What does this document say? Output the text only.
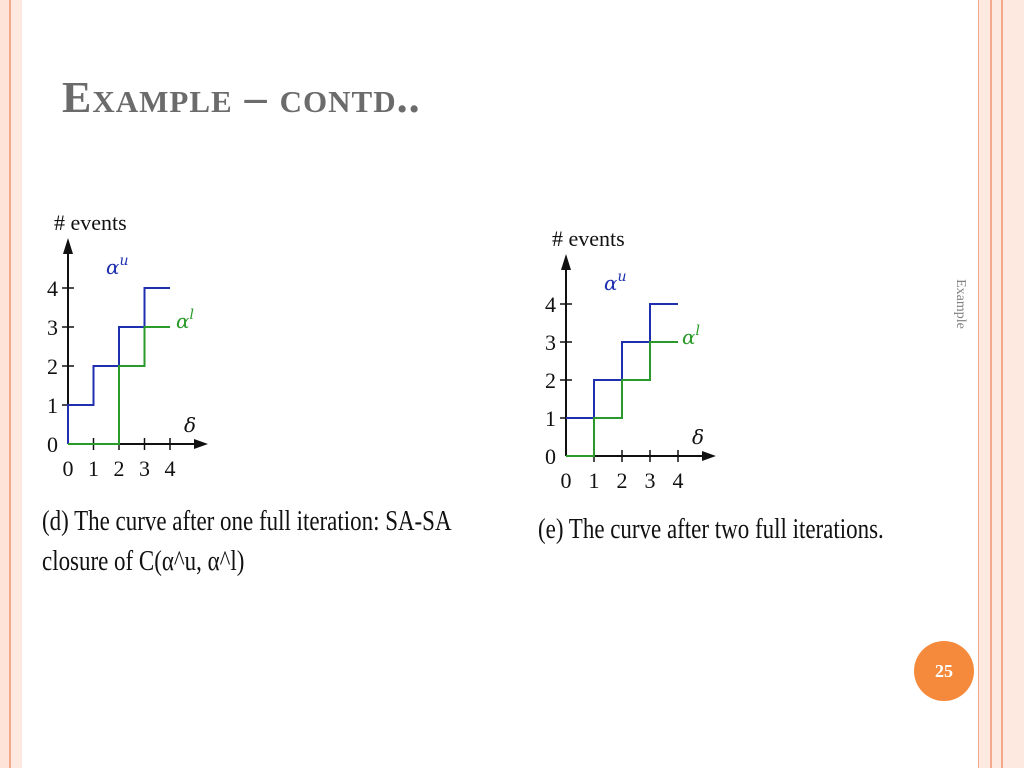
Example – contd..
Example
0 1 2 3 4
0
1
2
3
4
# events
δ
$\alpha^u$
$\alpha^l$
0 1 2 3 4
0
1
2
3
4
# events
δ
$\alpha^u$
$\alpha^l$
(d) The curve after one full iteration: SA-SA
closure of C(α^u, α^l)
(e) The curve after two full iterations.
25
